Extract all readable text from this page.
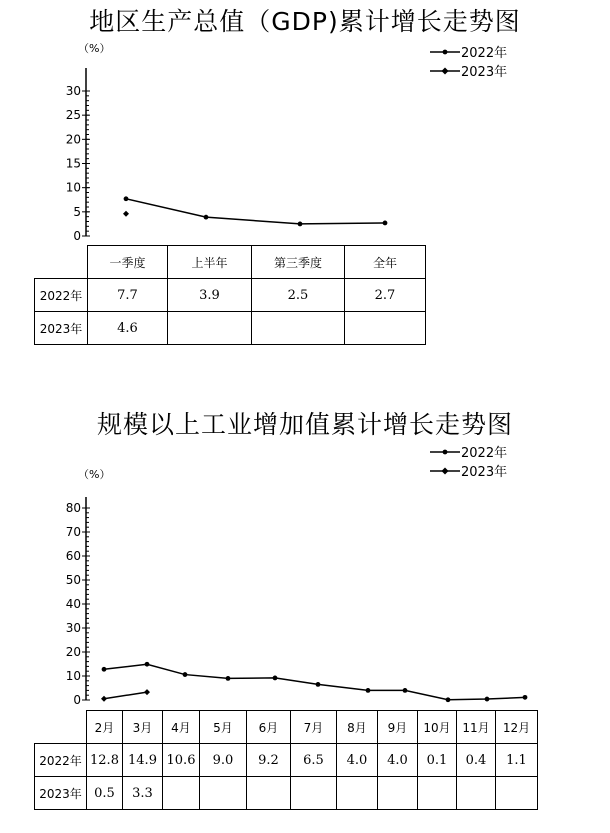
地区生产总值（GDP)累计增长走势图
（%）
0
5
10
15
20
25
30
2022年
2023年
	一季度	上半年	第三季度	全年
2022年	7.7	3.9	2.5	2.7
2023年	4.6			
规模以上工业增加值累计增长走势图
（%）
0
10
20
30
40
50
60
70
80
2022年
2023年
	2月	3月	4月	5月	6月	7月	8月	9月	10月	11月	12月
2022年	12.8	14.9	10.6	9.0	9.2	6.5	4.0	4.0	0.1	0.4	1.1
2023年	0.5	3.3									
